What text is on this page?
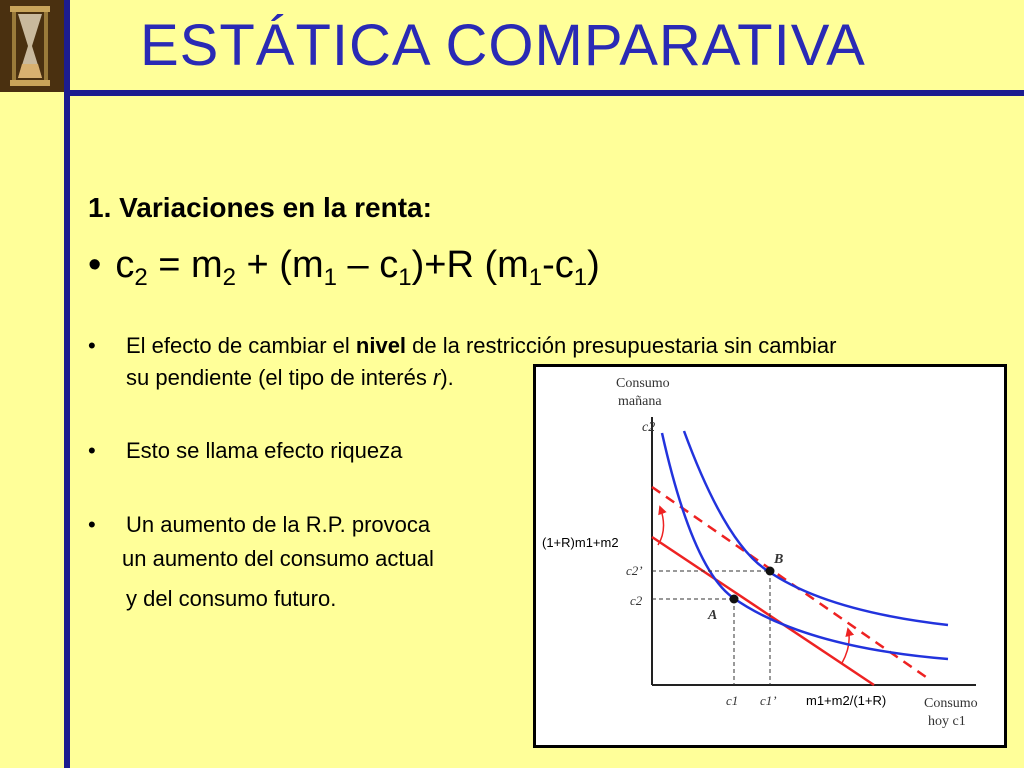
ESTÁTICA COMPARATIVA
1. Variaciones en la renta:
• $c_2 = m_2 + (m_1 - c_1)+R$ $(m_1-c_1)$
• El efecto de cambiar el nivel de la restricción presupuestaria sin cambiar
su pendiente (el tipo de interés r).
• Esto se llama efecto riqueza
• Un aumento de la R.P. provoca
un aumento del consumo actual
y del consumo futuro.
Consumo
mañana
c2
Consumo
hoy c1
A
B
c2’
c2
c1 c1’
(1+R)m1+m2
m1+m2/(1+R)
